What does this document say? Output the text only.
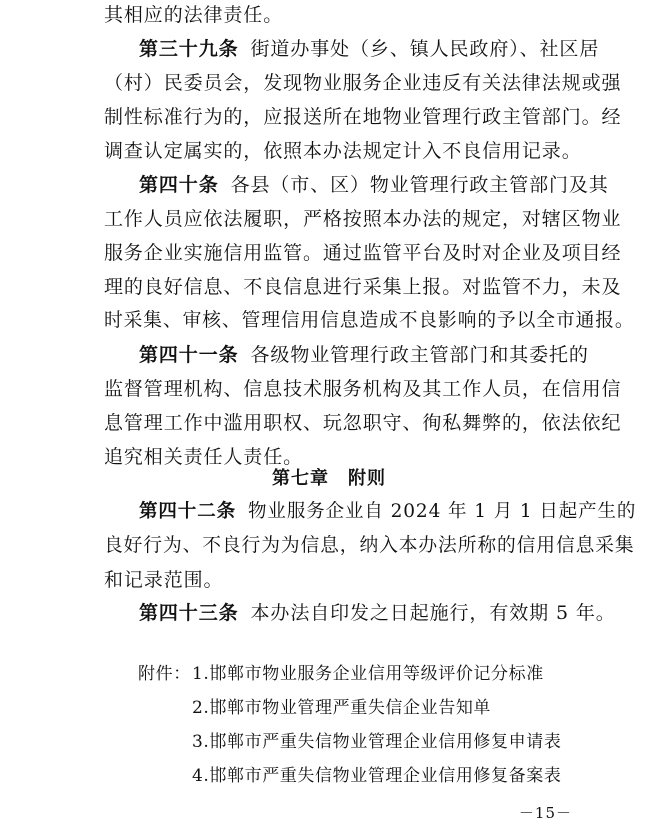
其相应的法律责任。
第三十九条 街道办事处（乡、镇人民政府）、社区居
（村）民委员会，发现物业服务企业违反有关法律法规或强
制性标准行为的，应报送所在地物业管理行政主管部门。经
调查认定属实的，依照本办法规定计入不良信用记录。
第四十条 各县（市、区）物业管理行政主管部门及其
工作人员应依法履职，严格按照本办法的规定，对辖区物业
服务企业实施信用监管。通过监管平台及时对企业及项目经
理的良好信息、不良信息进行采集上报。对监管不力，未及
时采集、审核、管理信用信息造成不良影响的予以全市通报。
第四十一条 各级物业管理行政主管部门和其委托的
监督管理机构、信息技术服务机构及其工作人员，在信用信
息管理工作中滥用职权、玩忽职守、徇私舞弊的，依法依纪
追究相关责任人责任。
第七章　附则
第四十二条 物业服务企业自 2024 年 1 月 1 日起产生的
良好行为、不良行为为信息，纳入本办法所称的信用信息采集
和记录范围。
第四十三条 本办法自印发之日起施行，有效期 5 年。
附件： 1.邯郸市物业服务企业信用等级评价记分标准
2.邯郸市物业管理严重失信企业告知单
3.邯郸市严重失信物业管理企业信用修复申请表
4.邯郸市严重失信物业管理企业信用修复备案表
－15－
